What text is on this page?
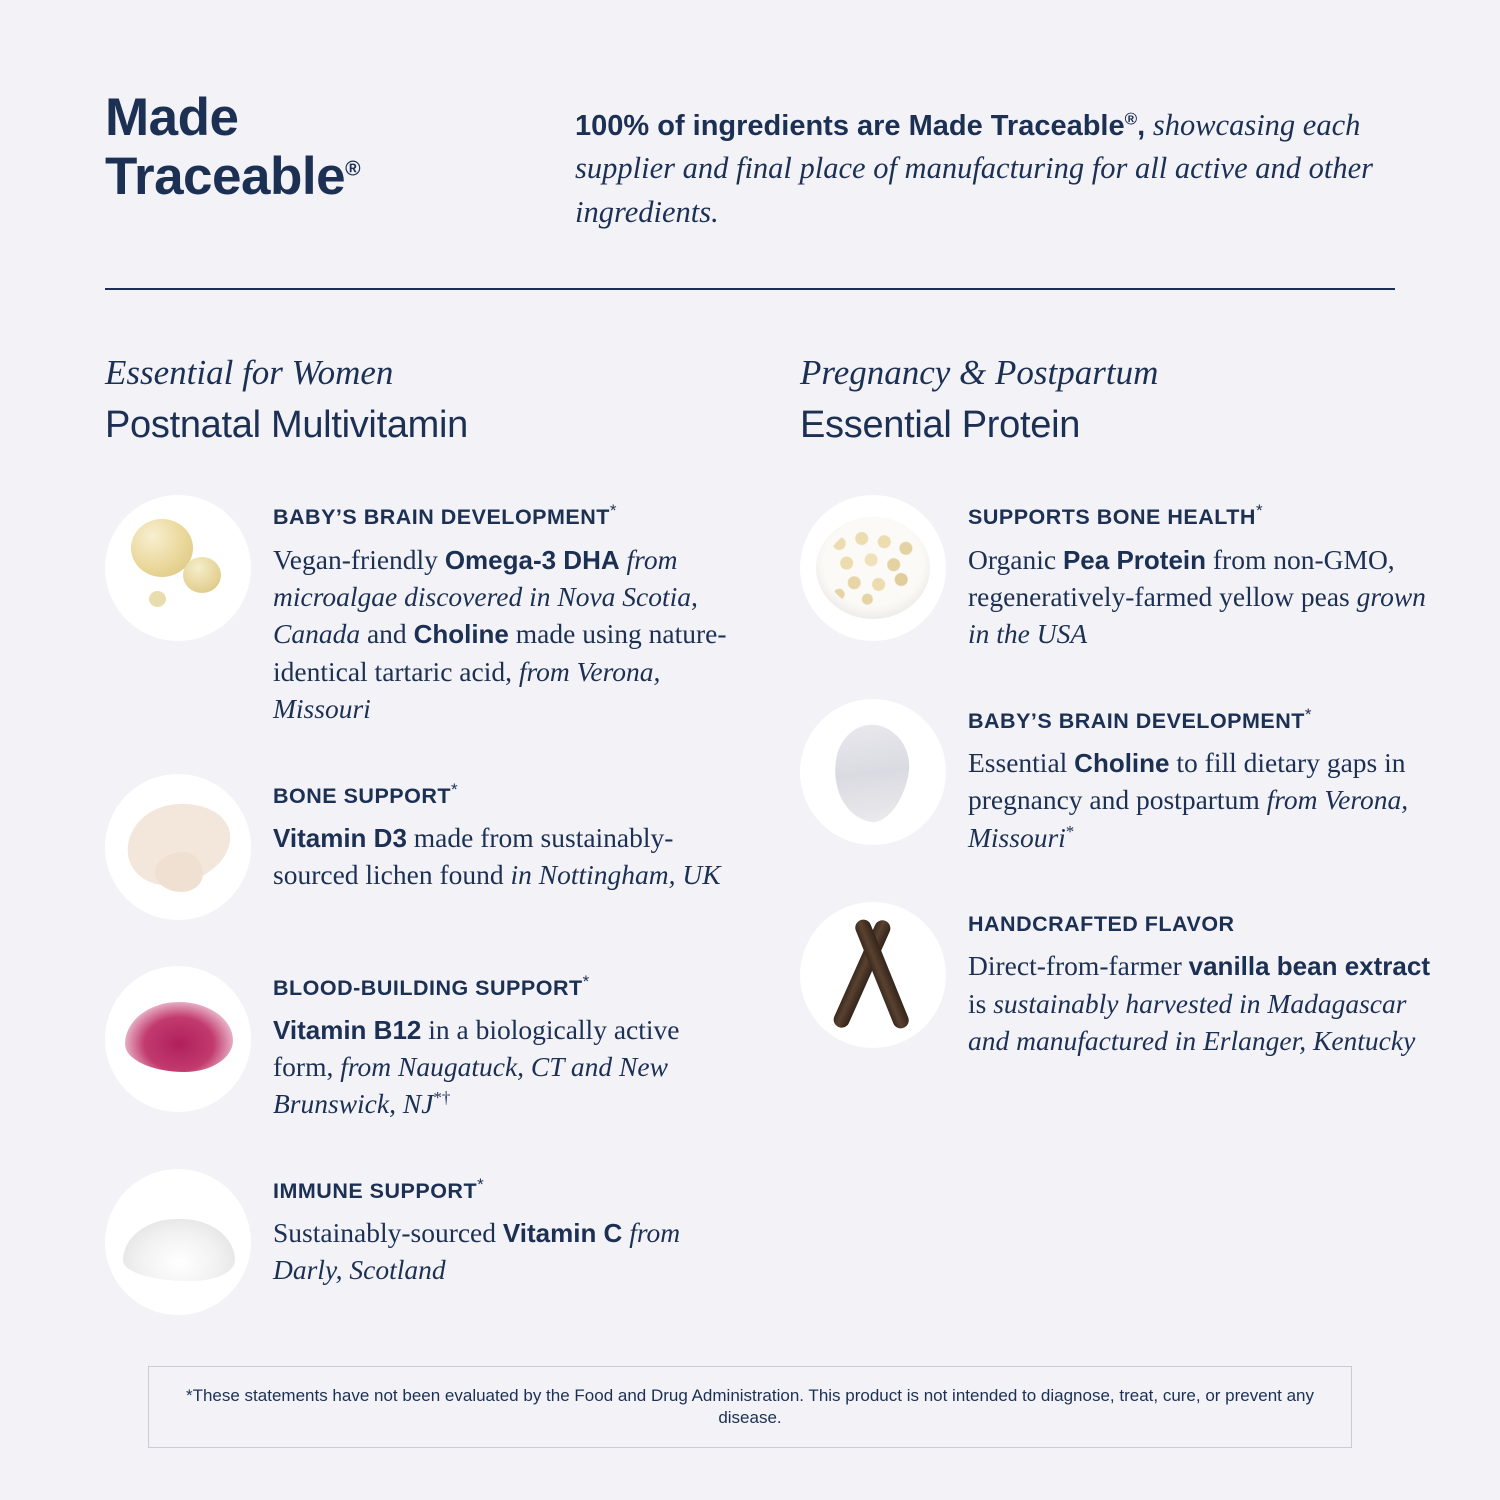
Made
Traceable®
100% of ingredients are Made Traceable®, showcasing each supplier and final place of manufacturing for all active and other ingredients.
Essential for Women
Postnatal Multivitamin
BABY’S BRAIN DEVELOPMENT*
Vegan-friendly Omega-3 DHA from microalgae discovered in Nova Scotia, Canada and Choline made using nature-identical tartaric acid, from Verona, Missouri
BONE SUPPORT*
Vitamin D3 made from sustainably-sourced lichen found in Nottingham, UK
BLOOD-BUILDING SUPPORT*
Vitamin B12 in a biologically active form, from Naugatuck, CT and New Brunswick, NJ*†
IMMUNE SUPPORT*
Sustainably-sourced Vitamin C from Darly, Scotland
Pregnancy & Postpartum
Essential Protein
SUPPORTS BONE HEALTH*
Organic Pea Protein from non-GMO, regeneratively-farmed yellow peas grown in the USA
BABY’S BRAIN DEVELOPMENT*
Essential Choline to fill dietary gaps in pregnancy and postpartum from Verona, Missouri*
HANDCRAFTED FLAVOR
Direct-from-farmer vanilla bean extract is sustainably harvested in Madagascar and manufactured in Erlanger, Kentucky
*These statements have not been evaluated by the Food and Drug Administration. This product is not intended to diagnose, treat, cure, or prevent any disease.
